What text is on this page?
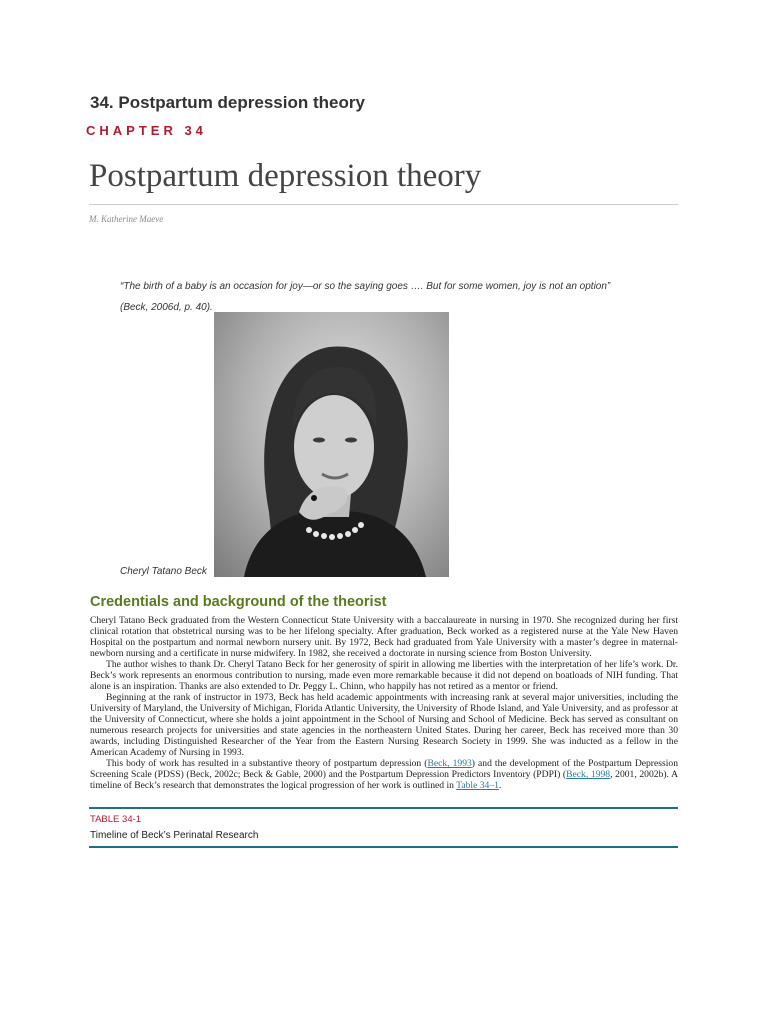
34. Postpartum depression theory
CHAPTER 34
Postpartum depression theory
M. Katherine Maeve
“The birth of a baby is an occasion for joy—or so the saying goes …. But for some women, joy is not an option”
(Beck, 2006d, p. 40).
Cheryl Tatano Beck
Credentials and background of the theorist

Cheryl Tatano Beck graduated from the Western Connecticut State University with a baccalaureate in nursing in 1970. She recognized during her first clinical rotation that obstetrical nursing was to be her lifelong specialty. After graduation, Beck worked as a registered nurse at the Yale New Haven Hospital on the postpartum and normal newborn nursery unit. By 1972, Beck had graduated from Yale University with a master’s degree in maternal-newborn nursing and a certificate in nurse midwifery. In 1982, she received a doctorate in nursing science from Boston University.

The author wishes to thank Dr. Cheryl Tatano Beck for her generosity of spirit in allowing me liberties with the interpretation of her life’s work. Dr. Beck’s work represents an enormous contribution to nursing, made even more remarkable because it did not depend on boatloads of NIH funding. That alone is an inspiration. Thanks are also extended to Dr. Peggy L. Chinn, who happily has not retired as a mentor or friend.

Beginning at the rank of instructor in 1973, Beck has held academic appointments with increasing rank at several major universities, including the University of Maryland, the University of Michigan, Florida Atlantic University, the University of Rhode Island, and Yale University, and as professor at the University of Connecticut, where she holds a joint appointment in the School of Nursing and School of Medicine. Beck has served as consultant on numerous research projects for universities and state agencies in the northeastern United States. During her career, Beck has received more than 30 awards, including Distinguished Researcher of the Year from the Eastern Nursing Research Society in 1999. She was inducted as a fellow in the American Academy of Nursing in 1993.

This body of work has resulted in a substantive theory of postpartum depression (Beck, 1993) and the development of the Postpartum Depression Screening Scale (PDSS) (Beck, 2002c; Beck & Gable, 2000) and the Postpartum Depression Predictors Inventory (PDPI) (Beck, 1998, 2001, 2002b). A timeline of Beck’s research that demonstrates the logical progression of her work is outlined in Table 34–1.

TABLE 34-1
Timeline of Beck’s Perinatal Research
